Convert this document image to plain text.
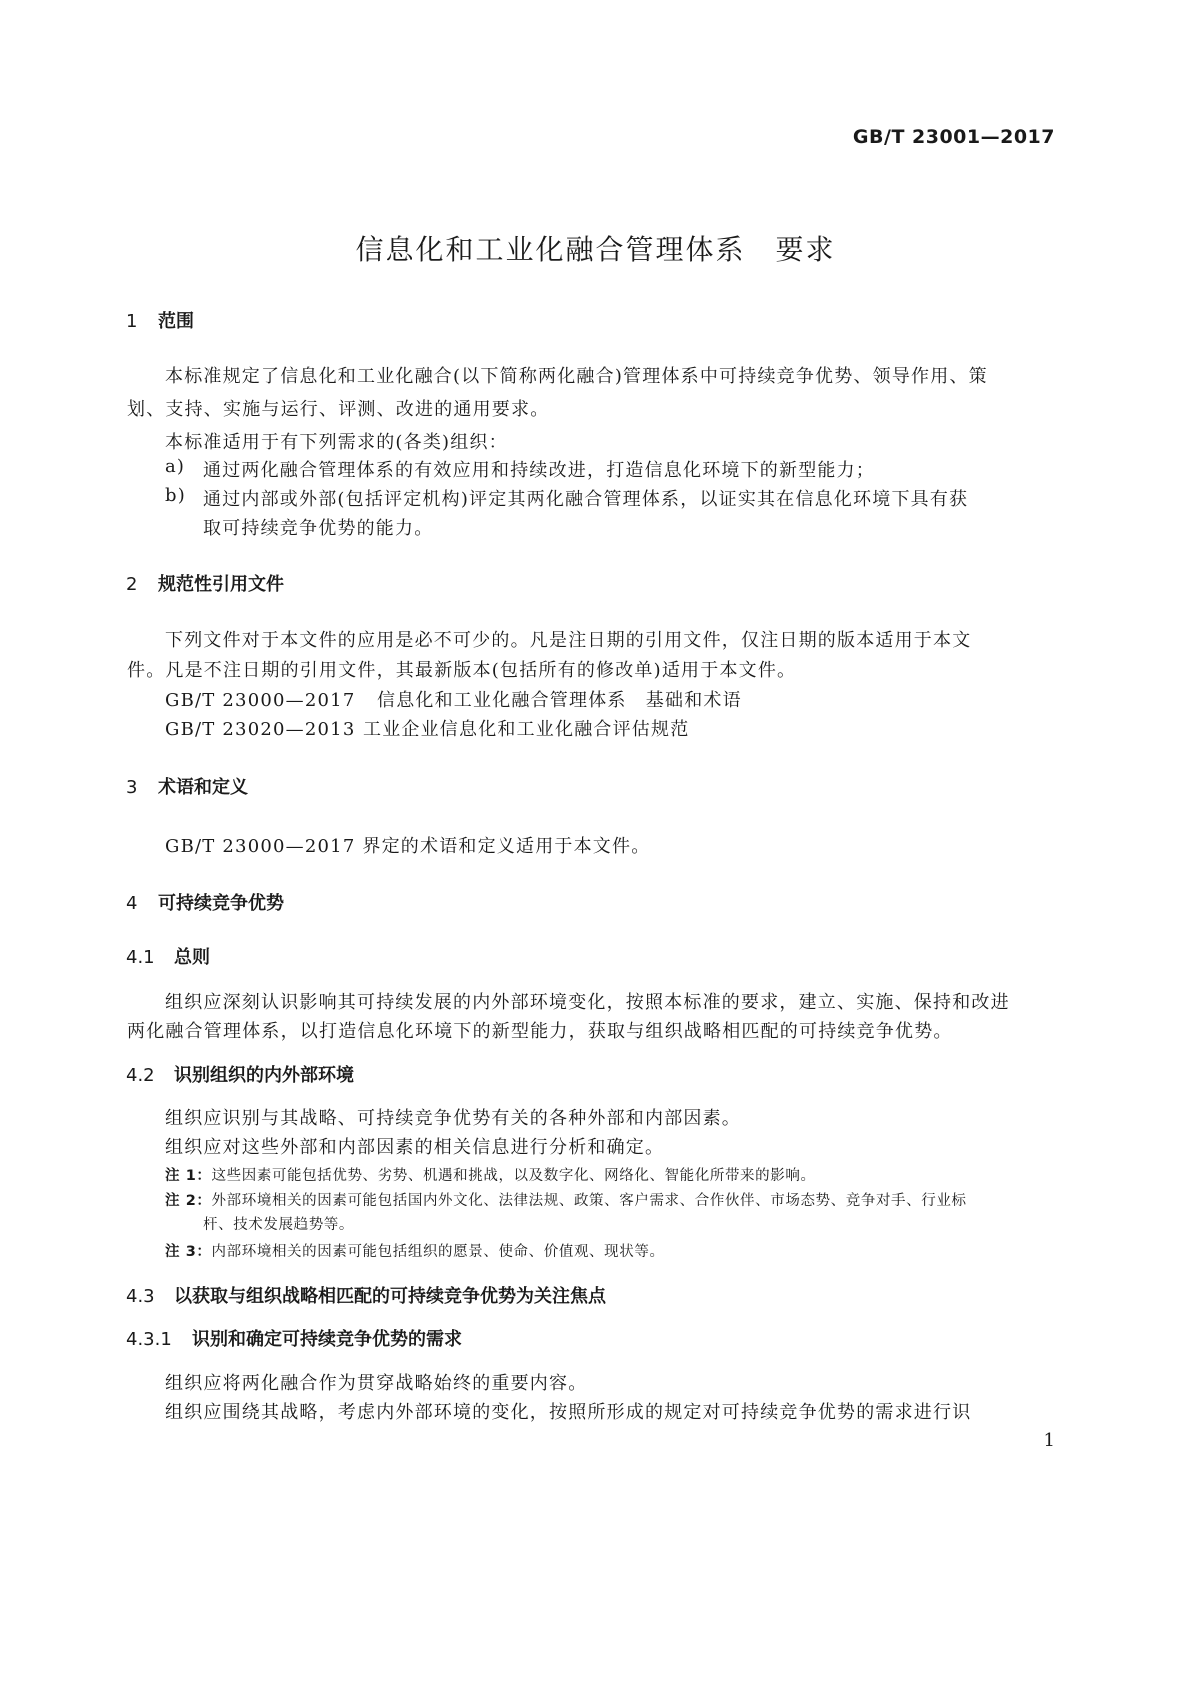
GB/T 23001—2017
信息化和工业化融合管理体系　要求
1 范围
本标准规定了信息化和工业化融合(以下简称两化融合)管理体系中可持续竞争优势、领导作用、策
划、支持、实施与运行、评测、改进的通用要求。
本标准适用于有下列需求的(各类)组织：
a) 通过两化融合管理体系的有效应用和持续改进，打造信息化环境下的新型能力；
b) 通过内部或外部(包括评定机构)评定其两化融合管理体系，以证实其在信息化环境下具有获
取可持续竞争优势的能力。
2 规范性引用文件
下列文件对于本文件的应用是必不可少的。凡是注日期的引用文件，仅注日期的版本适用于本文
件。凡是不注日期的引用文件，其最新版本(包括所有的修改单)适用于本文件。
GB/T 23000—2017 信息化和工业化融合管理体系　基础和术语
GB/T 23020—2013 工业企业信息化和工业化融合评估规范
3 术语和定义
GB/T 23000—2017 界定的术语和定义适用于本文件。
4 可持续竞争优势
4.1 总则
组织应深刻认识影响其可持续发展的内外部环境变化，按照本标准的要求，建立、实施、保持和改进
两化融合管理体系，以打造信息化环境下的新型能力，获取与组织战略相匹配的可持续竞争优势。
4.2 识别组织的内外部环境
组织应识别与其战略、可持续竞争优势有关的各种外部和内部因素。
组织应对这些外部和内部因素的相关信息进行分析和确定。
注 1：这些因素可能包括优势、劣势、机遇和挑战，以及数字化、网络化、智能化所带来的影响。
注 2：外部环境相关的因素可能包括国内外文化、法律法规、政策、客户需求、合作伙伴、市场态势、竞争对手、行业标
杆、技术发展趋势等。
注 3：内部环境相关的因素可能包括组织的愿景、使命、价值观、现状等。
4.3 以获取与组织战略相匹配的可持续竞争优势为关注焦点
4.3.1 识别和确定可持续竞争优势的需求
组织应将两化融合作为贯穿战略始终的重要内容。
组织应围绕其战略，考虑内外部环境的变化，按照所形成的规定对可持续竞争优势的需求进行识
1
